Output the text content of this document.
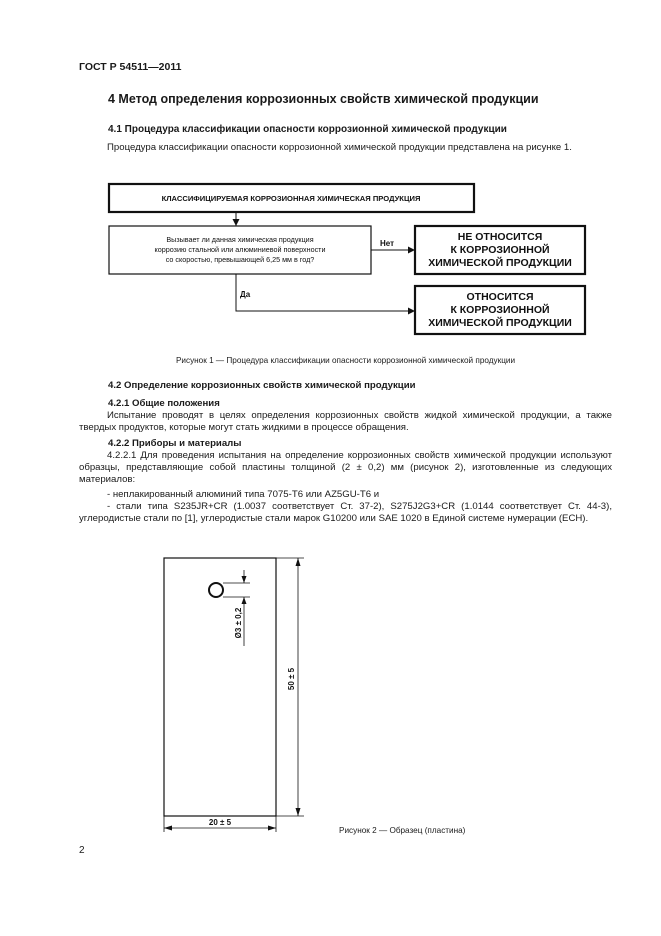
ГОСТ Р 54511—2011
4 Метод определения коррозионных свойств химической продукции
4.1 Процедура классификации опасности коррозионной химической продукции
Процедура классификации опасности коррозионной химической продукции представлена на рисунке 1.
КЛАССИФИЦИРУЕМАЯ КОРРОЗИОННАЯ ХИМИЧЕСКАЯ ПРОДУКЦИЯ
Вызывает ли данная химическая продукция
коррозию стальной или алюминиевой поверхности
со скоростью, превышающей 6,25 мм в год?
Нет
Да
НЕ ОТНОСИТСЯ
К КОРРОЗИОННОЙ
ХИМИЧЕСКОЙ ПРОДУКЦИИ
ОТНОСИТСЯ
К КОРРОЗИОННОЙ
ХИМИЧЕСКОЙ ПРОДУКЦИИ
Рисунок 1 — Процедура классификации опасности коррозионной химической продукции
4.2 Определение коррозионных свойств химической продукции
4.2.1 Общие положения
Испытание проводят в целях определения коррозионных свойств жидкой химической продукции, а также твердых продуктов, которые могут стать жидкими в процессе обращения.
4.2.2 Приборы и материалы
4.2.2.1 Для проведения испытания на определение коррозионных свойств химической продукции используют образцы, представляющие собой пластины толщиной (2 ± 0,2) мм (рисунок 2), изготовленные из следующих материалов:
- неплакированный алюминий типа 7075-T6 или AZ5GU-T6 и
- стали типа S235JR+CR (1.0037 соответствует Ст. 37-2), S275J2G3+CR (1.0144 соответствует Ст. 44-3), углеродистые стали по [1], углеродистые стали марок G10200 или SAE 1020 в Единой системе нумерации (ECH).
Ø3 ± 0,2
50 ± 5
20 ± 5
Рисунок 2 — Образец (пластина)
2
